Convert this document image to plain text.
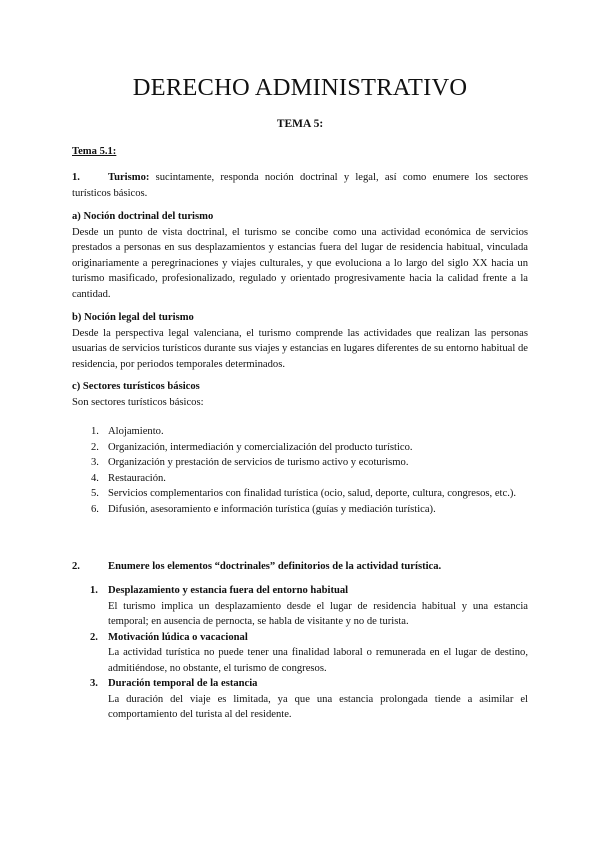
DERECHO ADMINISTRATIVO
TEMA 5:
Tema 5.1:
1.	Turismo: sucintamente, responda noción doctrinal y legal, así como enumere los sectores turísticos básicos.
a) Noción doctrinal del turismo
Desde un punto de vista doctrinal, el turismo se concibe como una actividad económica de servicios prestados a personas en sus desplazamientos y estancias fuera del lugar de residencia habitual, vinculada originariamente a peregrinaciones y viajes culturales, y que evoluciona a lo largo del siglo XX hacia un turismo masificado, profesionalizado, regulado y orientado progresivamente hacia la calidad frente a la cantidad.
b) Noción legal del turismo
Desde la perspectiva legal valenciana, el turismo comprende las actividades que realizan las personas usuarias de servicios turísticos durante sus viajes y estancias en lugares diferentes de su entorno habitual de residencia, por periodos temporales determinados.
c) Sectores turísticos básicos
Son sectores turísticos básicos:
1. Alojamiento.
2. Organización, intermediación y comercialización del producto turístico.
3. Organización y prestación de servicios de turismo activo y ecoturismo.
4. Restauración.
5. Servicios complementarios con finalidad turística (ocio, salud, deporte, cultura, congresos, etc.).
6. Difusión, asesoramiento e información turística (guías y mediación turística).
2.	Enumere los elementos “doctrinales” definitorios de la actividad turística.
1. Desplazamiento y estancia fuera del entorno habitual
El turismo implica un desplazamiento desde el lugar de residencia habitual y una estancia temporal; en ausencia de pernocta, se habla de visitante y no de turista.
2. Motivación lúdica o vacacional
La actividad turística no puede tener una finalidad laboral o remunerada en el lugar de destino, admitiéndose, no obstante, el turismo de congresos.
3. Duración temporal de la estancia
La duración del viaje es limitada, ya que una estancia prolongada tiende a asimilar el comportamiento del turista al del residente.
